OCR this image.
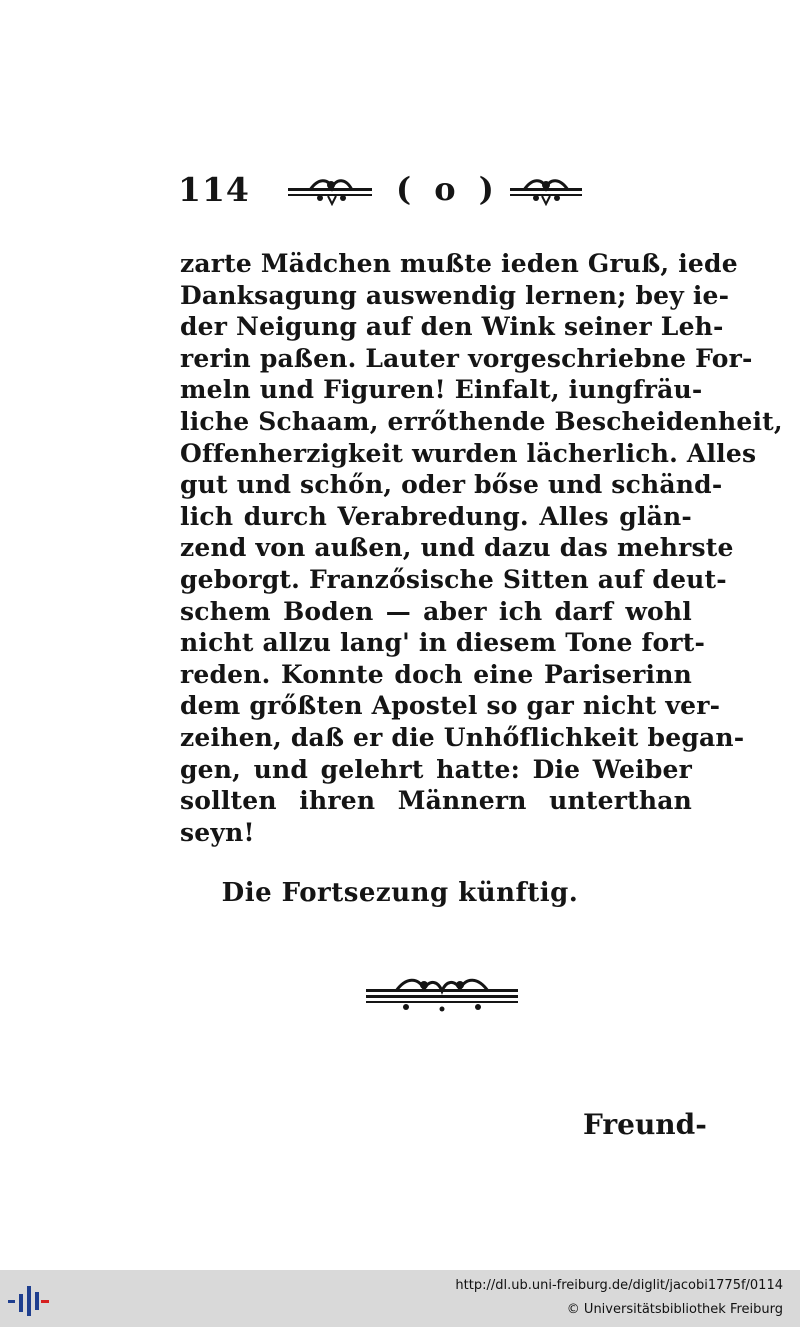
114	( o )
zarte Mädchen mußte ieden Gruß, iede
Danksagung auswendig lernen; bey ie-
der Neigung auf den Wink seiner Leh-
rerin paßen. Lauter vorgeschriebne For-
meln und Figuren! Einfalt, iungfräu-
liche Schaam, errőthende Bescheidenheit,
Offenherzigkeit wurden lächerlich. Alles
gut und schőn, oder bőse und schänd-
lich durch Verabredung. Alles glän-
zend von außen, und dazu das mehrste
geborgt. Franzősische Sitten auf deut-
schem Boden — aber ich darf wohl
nicht allzu lang' in diesem Tone fort-
reden. Konnte doch eine Pariserinn
dem grőßten Apostel so gar nicht ver-
zeihen, daß er die Unhőflichkeit began-
gen, und gelehrt hatte: Die Weiber
sollten ihren Männern unterthan
seyn!
Die Fortsezung künftig.
Freund-
http://dl.ub.uni-freiburg.de/diglit/jacobi1775f/0114
© Universitätsbibliothek Freiburg
